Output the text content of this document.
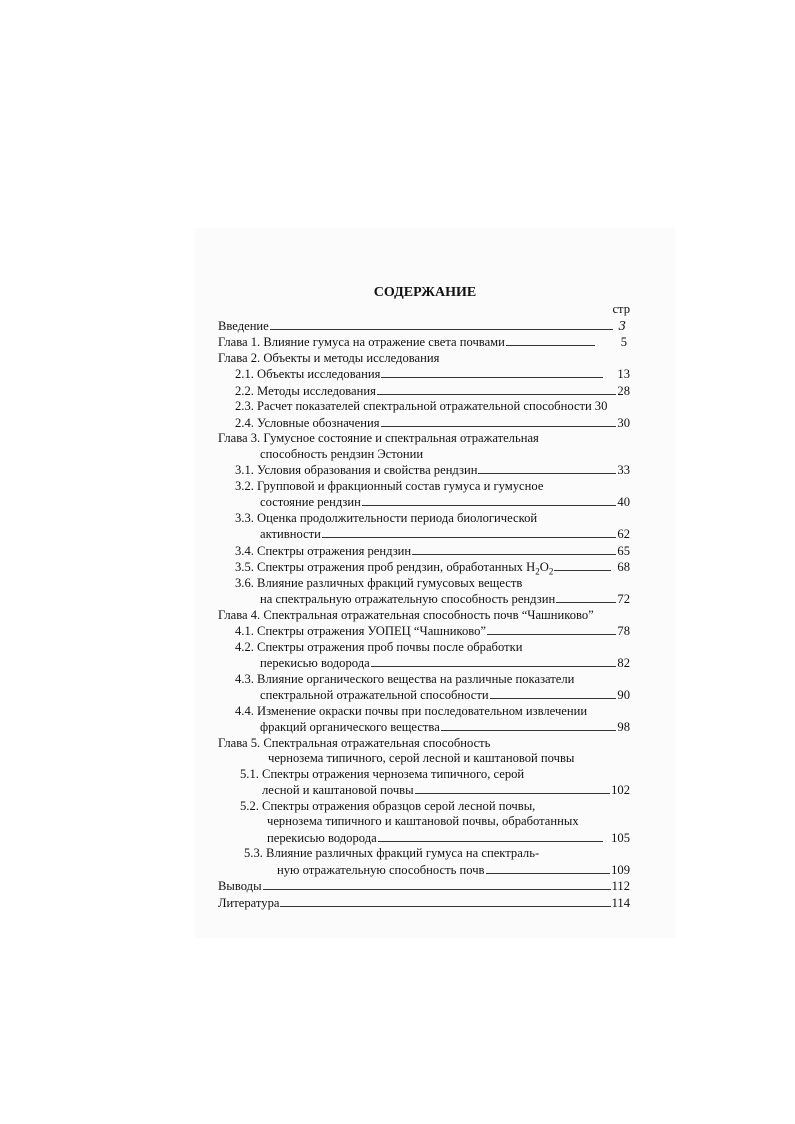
СОДЕРЖАНИЕ
стр
Введение	3
Глава 1. Влияние гумуса на отражение света почвами	5
Глава 2. Объекты и методы исследования
2.1. Объекты исследования	13
2.2. Методы исследования	28
2.3. Расчет показателей спектральной отражательной способности 30
2.4. Условные обозначения	30
Глава 3. Гумусное состояние и спектральная отражательная
способность рендзин Эстонии
3.1. Условия образования и свойства рендзин	33
3.2. Групповой и фракционный состав гумуса и гумусное
состояние рендзин	40
3.3. Оценка продолжительности периода биологической
активности	62
3.4. Спектры отражения рендзин	65
3.5. Спектры отражения проб рендзин, обработанных $H_2O_2$	68
3.6. Влияние различных фракций гумусовых веществ
на спектральную отражательную способность рендзин	72
Глава 4. Спектральная отражательная способность почв “Чашниково”
4.1. Спектры отражения УОПЕЦ “Чашниково”	78
4.2. Спектры отражения проб почвы после обработки
перекисью водорода	82
4.3. Влияние органического вещества на различные показатели
спектральной отражательной способности	90
4.4. Изменение окраски почвы при последовательном извлечении
фракций органического вещества	98
Глава 5. Спектральная отражательная способность
чернозема типичного, серой лесной и каштановой почвы
5.1. Спектры отражения чернозема типичного, серой
лесной и каштановой почвы	102
5.2. Спектры отражения образцов серой лесной почвы,
чернозема типичного и каштановой почвы, обработанных
перекисью водорода	105
5.3. Влияние различных фракций гумуса на спектраль-
ную отражательную способность почв	109
Выводы	112
Литература	114
